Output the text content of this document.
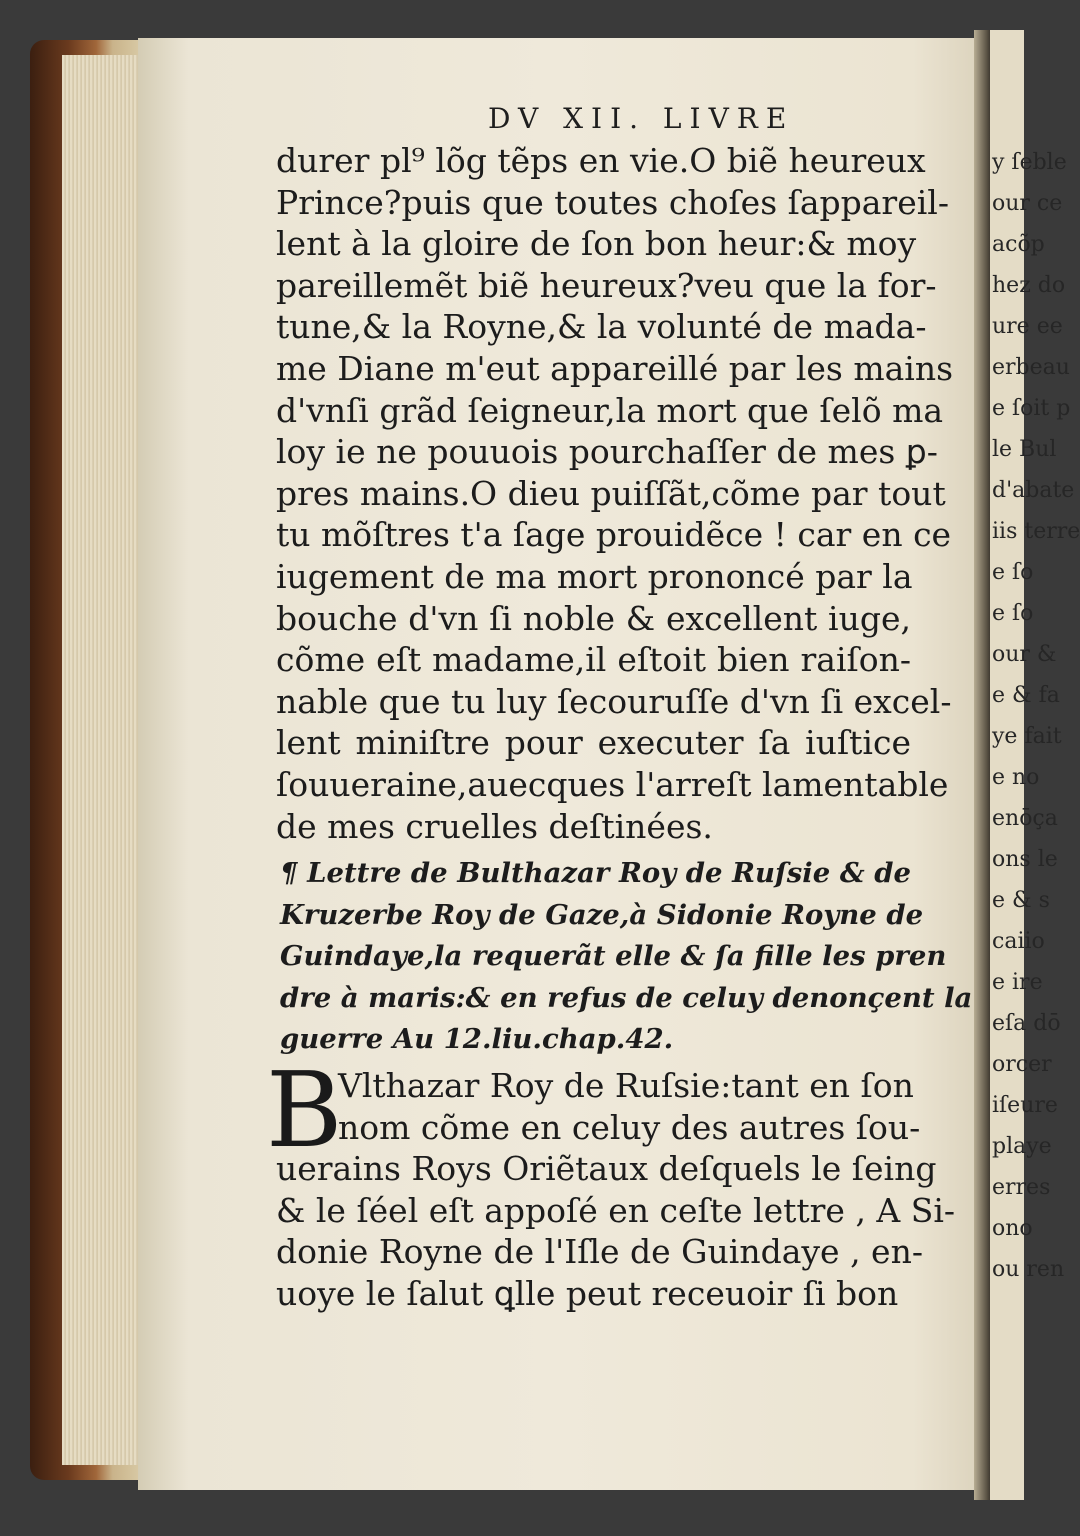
y ſeble
our ce
acõp
hez do
ure ee
erbeau
e ſoit p
le Bul
d'abate
iis terre
e ſo
e ſo
our &
e & fa
ye fait
e no
enōça
ons le
e & s
caiio
e ire
eſa dō
orcer
iſeure
playe
erres
ono
ou ren
DV XII. LIVRE
durer pl⁹ lõg tẽps en vie.O biẽ heureux
Prince?puis que toutes choſes ſappareil-
lent à la gloire de ſon bon heur:& moy
pareillemẽt biẽ heureux?veu que la for-
tune,& la Royne,& la volunté de mada-
me Diane m'eut appareillé par les mains
d'vnſi grãd ſeigneur,la mort que ſelõ ma
loy ie ne pouuois pourchaſſer de mes ꝑ-
pres mains.O dieu puiſſãt,cõme par tout
tu mõſtres t'a ſage prouidẽce ! car en ce
iugement de ma mort prononcé par la
bouche d'vn ſi noble & excellent iuge,
cõme eſt madame,il eſtoit bien raiſon-
nable que tu luy ſecouruſſe d'vn ſi excel-
lent miniſtre pour executer ſa iuſtice
ſouueraine,auecques l'arreſt lamentable
de mes cruelles deſtinées.
¶ Lettre de Bulthazar Roy de Ruſsie & de
Kruzerbe Roy de Gaze,à Sidonie Royne de
Guindaye,la requerãt elle & ſa fille les pren
dre à maris:& en refus de celuy denonçent la
guerre Au 12.liu.chap.42.
B
Vlthazar Roy de Ruſsie:tant en ſon
nom cõme en celuy des autres ſou-
uerains Roys Oriẽtaux deſquels le ſeing
& le ſéel eſt appoſé en ceſte lettre , A Si-
donie Royne de l'Iſle de Guindaye , en-
uoye le ſalut ꝗlle peut receuoir ſi bon
